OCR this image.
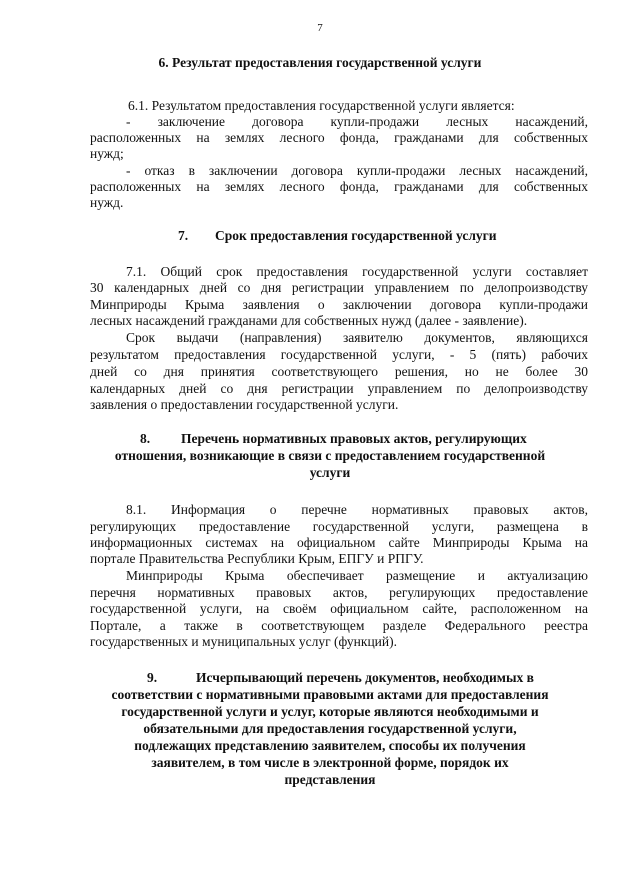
7
6. Результат предоставления государственной услуги
6.1. Результатом предоставления государственной услуги является:
- заключение договора купли-продажи лесных насаждений,
расположенных на землях лесного фонда, гражданами для собственных
нужд;
- отказ в заключении договора купли-продажи лесных насаждений,
расположенных на землях лесного фонда, гражданами для собственных
нужд.
7. Срок предоставления государственной услуги
7.1. Общий срок предоставления государственной услуги составляет
30 календарных дней со дня регистрации управлением по делопроизводству
Минприроды Крыма заявления о заключении договора купли-продажи
лесных насаждений гражданами для собственных нужд (далее - заявление).
Срок выдачи (направления) заявителю документов, являющихся
результатом предоставления государственной услуги, - 5 (пять) рабочих
дней со дня принятия соответствующего решения, но не более 30
календарных дней со дня регистрации управлением по делопроизводству
заявления о предоставлении государственной услуги.
8. Перечень нормативных правовых актов, регулирующих
отношения, возникающие в связи с предоставлением государственной
услуги
8.1. Информация о перечне нормативных правовых актов,
регулирующих предоставление государственной услуги, размещена в
информационных системах на официальном сайте Минприроды Крыма на
портале Правительства Республики Крым, ЕПГУ и РПГУ.
Минприроды Крыма обеспечивает размещение и актуализацию
перечня нормативных правовых актов, регулирующих предоставление
государственной услуги, на своём официальном сайте, расположенном на
Портале, а также в соответствующем разделе Федерального реестра
государственных и муниципальных услуг (функций).
9.	Исчерпывающий перечень документов, необходимых в
соответствии с нормативными правовыми актами для предоставления
государственной услуги и услуг, которые являются необходимыми и
обязательными для предоставления государственной услуги,
подлежащих представлению заявителем, способы их получения
заявителем, в том числе в электронной форме, порядок их
представления
